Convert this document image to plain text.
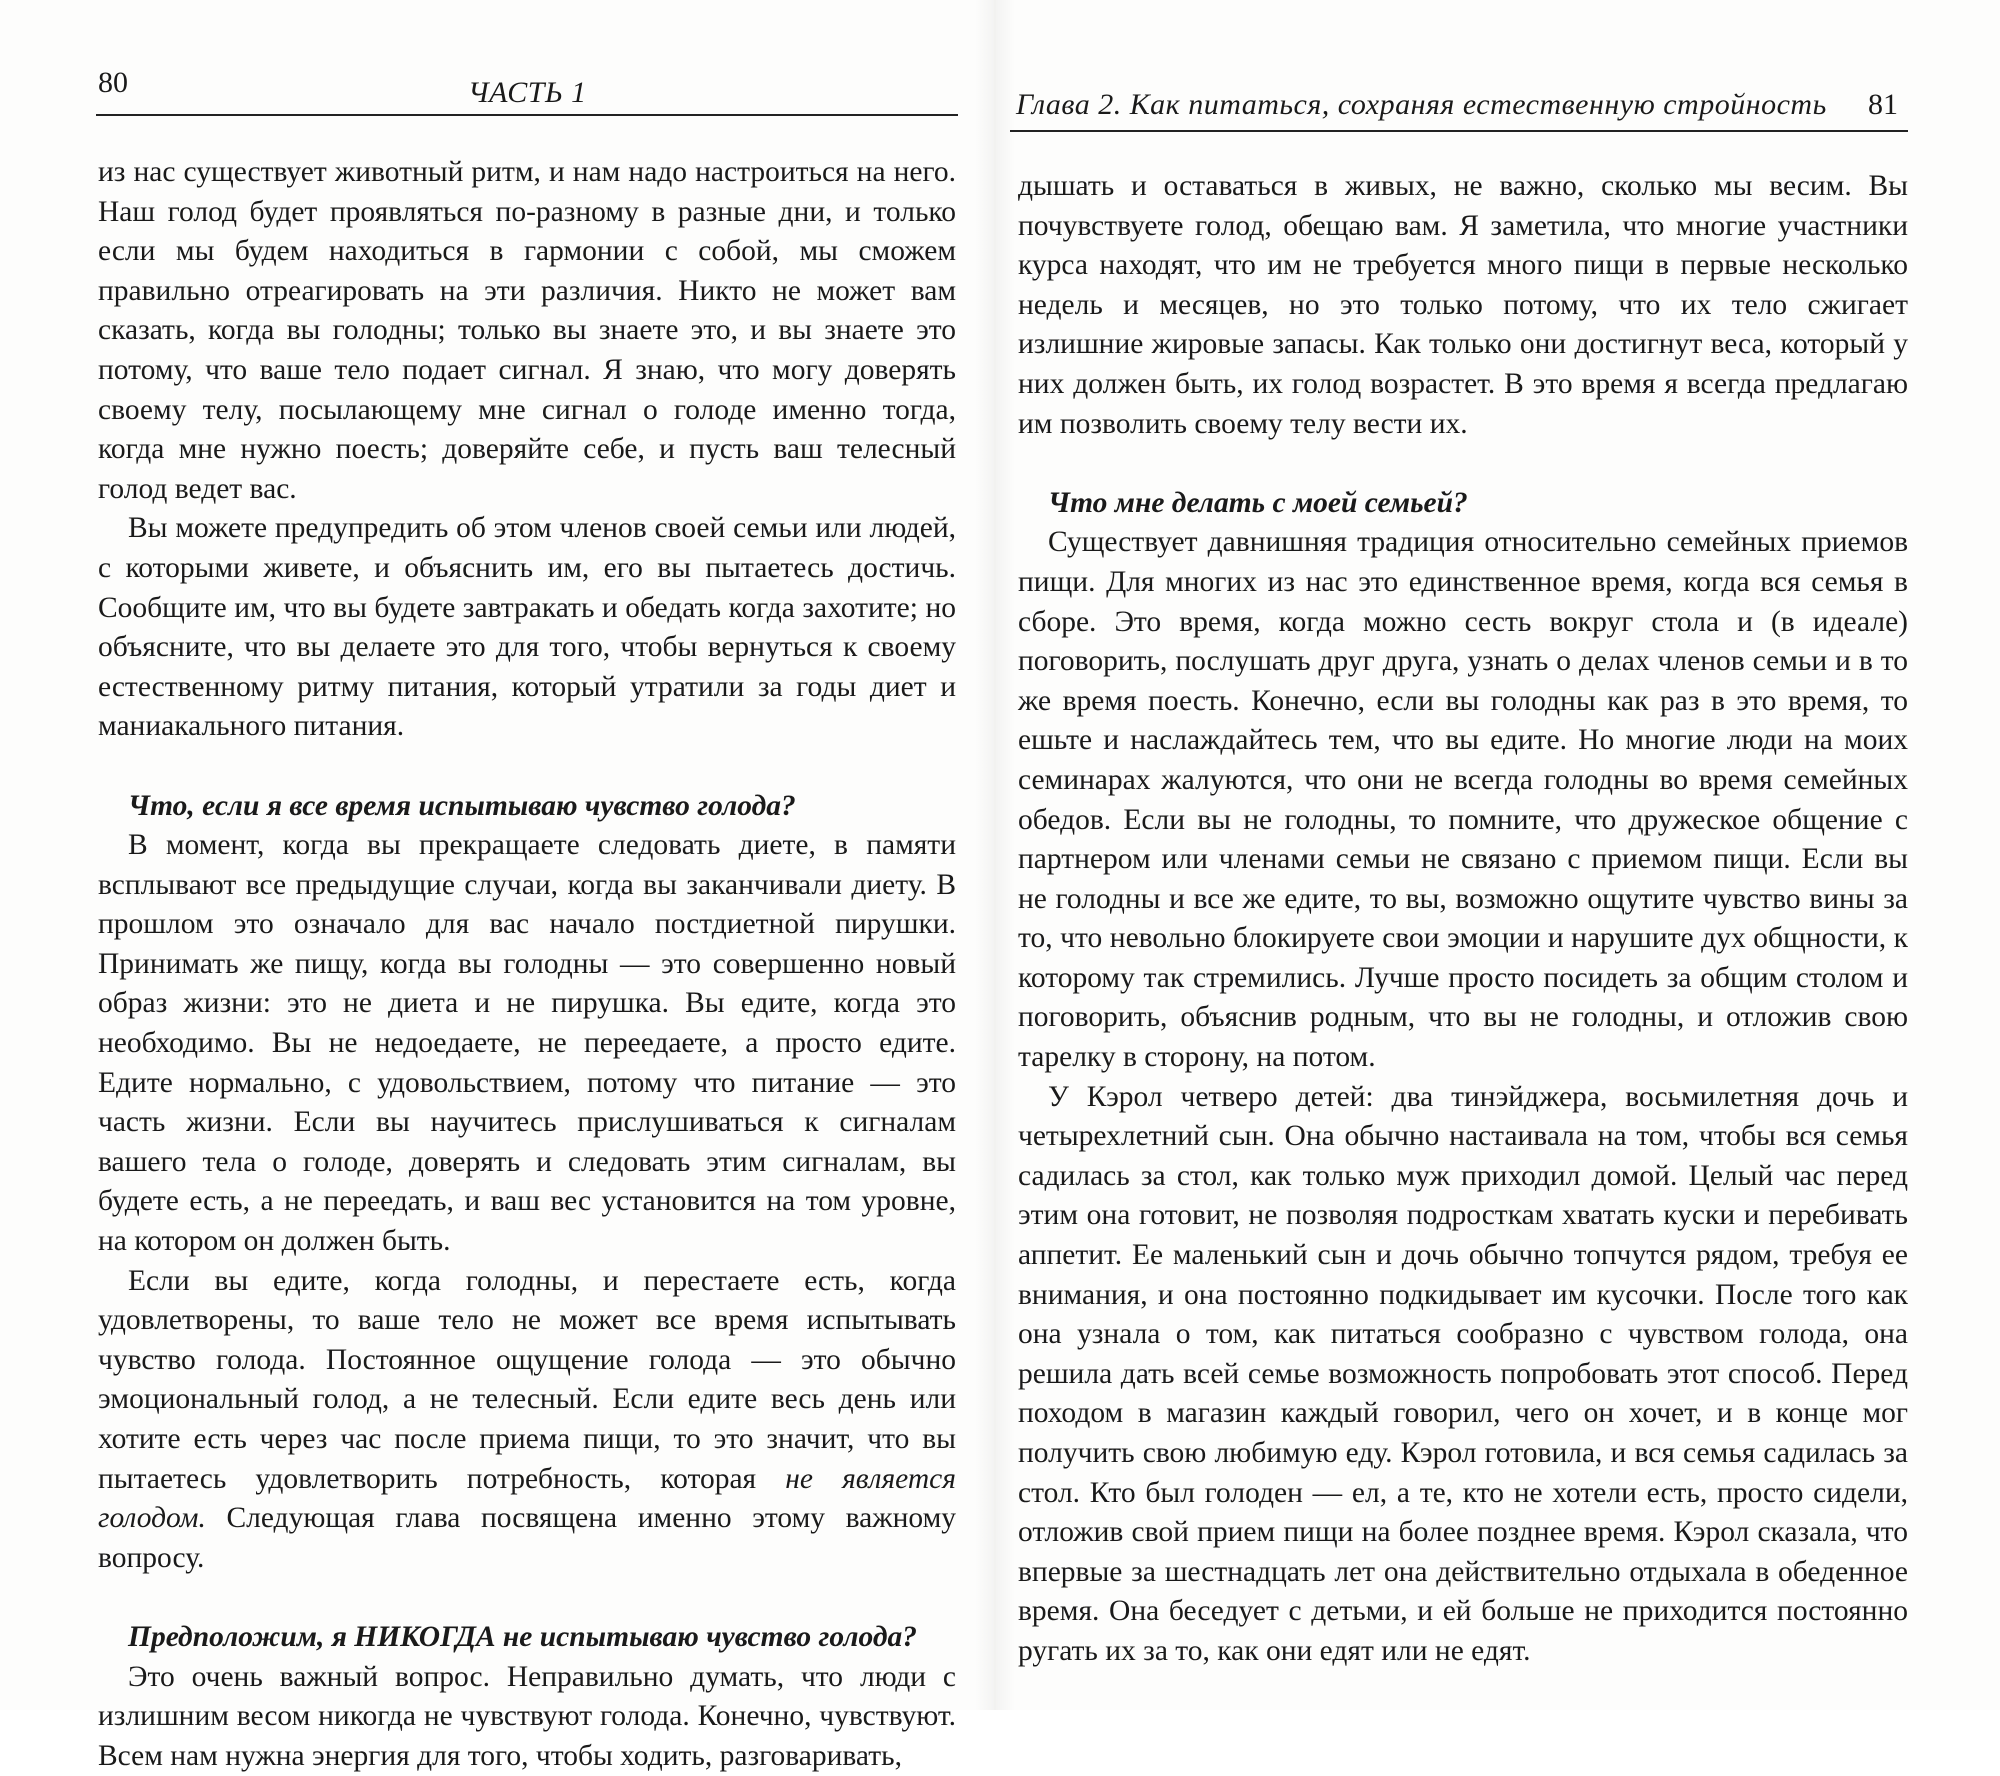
80	ЧАСТЬ 1

из нас существует животный ритм, и нам надо настроиться на него. Наш голод будет проявляться по-разному в разные дни, и только если мы будем находиться в гармонии с собой, мы сможем правильно отреагировать на эти различия. Никто не может вам сказать, когда вы голодны; только вы знаете это, и вы знаете это потому, что ваше тело подает сигнал. Я знаю, что могу доверять своему телу, посылающему мне сигнал о голоде именно тогда, когда мне нужно поесть; доверяйте себе, и пусть ваш телесный голод ведет вас.

Вы можете предупредить об этом членов своей семьи или людей, с которыми живете, и объяснить им, его вы пытаетесь достичь. Сообщите им, что вы будете завтракать и обедать когда захотите; но объясните, что вы делаете это для того, чтобы вернуться к своему естественному ритму питания, который утратили за годы диет и маниакального питания.

Что, если я все время испытываю чувство голода?

В момент, когда вы прекращаете следовать диете, в памяти всплывают все предыдущие случаи, когда вы заканчивали диету. В прошлом это означало для вас начало постдиетной пирушки. Принимать же пищу, когда вы голодны — это совершенно новый образ жизни: это не диета и не пирушка. Вы едите, когда это необходимо. Вы не недоедаете, не переедаете, а просто едите. Едите нормально, с удовольствием, потому что питание — это часть жизни. Если вы научитесь прислушиваться к сигналам вашего тела о голоде, доверять и следовать этим сигналам, вы будете есть, а не переедать, и ваш вес установится на том уровне, на котором он должен быть.

Если вы едите, когда голодны, и перестаете есть, когда удовлетворены, то ваше тело не может все время испытывать чувство голода. Постоянное ощущение голода — это обычно эмоциональный голод, а не телесный. Если едите весь день или хотите есть через час после приема пищи, то это значит, что вы пытаетесь удовлетворить потребность, которая не является голодом. Следующая глава посвящена именно этому важному вопросу.

Предположим, я НИКОГДА не испытываю чувство голода?

Это очень важный вопрос. Неправильно думать, что люди с излишним весом никогда не чувствуют голода. Конечно, чувствуют. Всем нам нужна энергия для того, чтобы ходить, разговаривать,

Глава 2. Как питаться, сохраняя естественную стройность 81

дышать и оставаться в живых, не важно, сколько мы весим. Вы почувствуете голод, обещаю вам. Я заметила, что многие участники курса находят, что им не требуется много пищи в первые несколько недель и месяцев, но это только потому, что их тело сжигает излишние жировые запасы. Как только они достигнут веса, который у них должен быть, их голод возрастет. В это время я всегда предлагаю им позволить своему телу вести их.

Что мне делать с моей семьей?

Существует давнишняя традиция относительно семейных приемов пищи. Для многих из нас это единственное время, когда вся семья в сборе. Это время, когда можно сесть вокруг стола и (в идеале) поговорить, послушать друг друга, узнать о делах членов семьи и в то же время поесть. Конечно, если вы голодны как раз в это время, то ешьте и наслаждайтесь тем, что вы едите. Но многие люди на моих семинарах жалуются, что они не всегда голодны во время семейных обедов. Если вы не голодны, то помните, что дружеское общение с партнером или членами семьи не связано с приемом пищи. Если вы не голодны и все же едите, то вы, возможно ощутите чувство вины за то, что невольно блокируете свои эмоции и нарушите дух общности, к которому так стремились. Лучше просто посидеть за общим столом и поговорить, объяснив родным, что вы не голодны, и отложив свою тарелку в сторону, на потом.

У Кэрол четверо детей: два тинэйджера, восьмилетняя дочь и четырехлетний сын. Она обычно настаивала на том, чтобы вся семья садилась за стол, как только муж приходил домой. Целый час перед этим она готовит, не позволяя подросткам хватать куски и перебивать аппетит. Ее маленький сын и дочь обычно топчутся рядом, требуя ее внимания, и она постоянно подкидывает им кусочки. После того как она узнала о том, как питаться сообразно с чувством голода, она решила дать всей семье возможность попробовать этот способ. Перед походом в магазин каждый говорил, чего он хочет, и в конце мог получить свою любимую еду. Кэрол готовила, и вся семья садилась за стол. Кто был голоден — ел, а те, кто не хотели есть, просто сидели, отложив свой прием пищи на более позднее время. Кэрол сказала, что впервые за шестнадцать лет она действительно отдыхала в обеденное время. Она беседует с детьми, и ей больше не приходится постоянно ругать их за то, как они едят или не едят.
